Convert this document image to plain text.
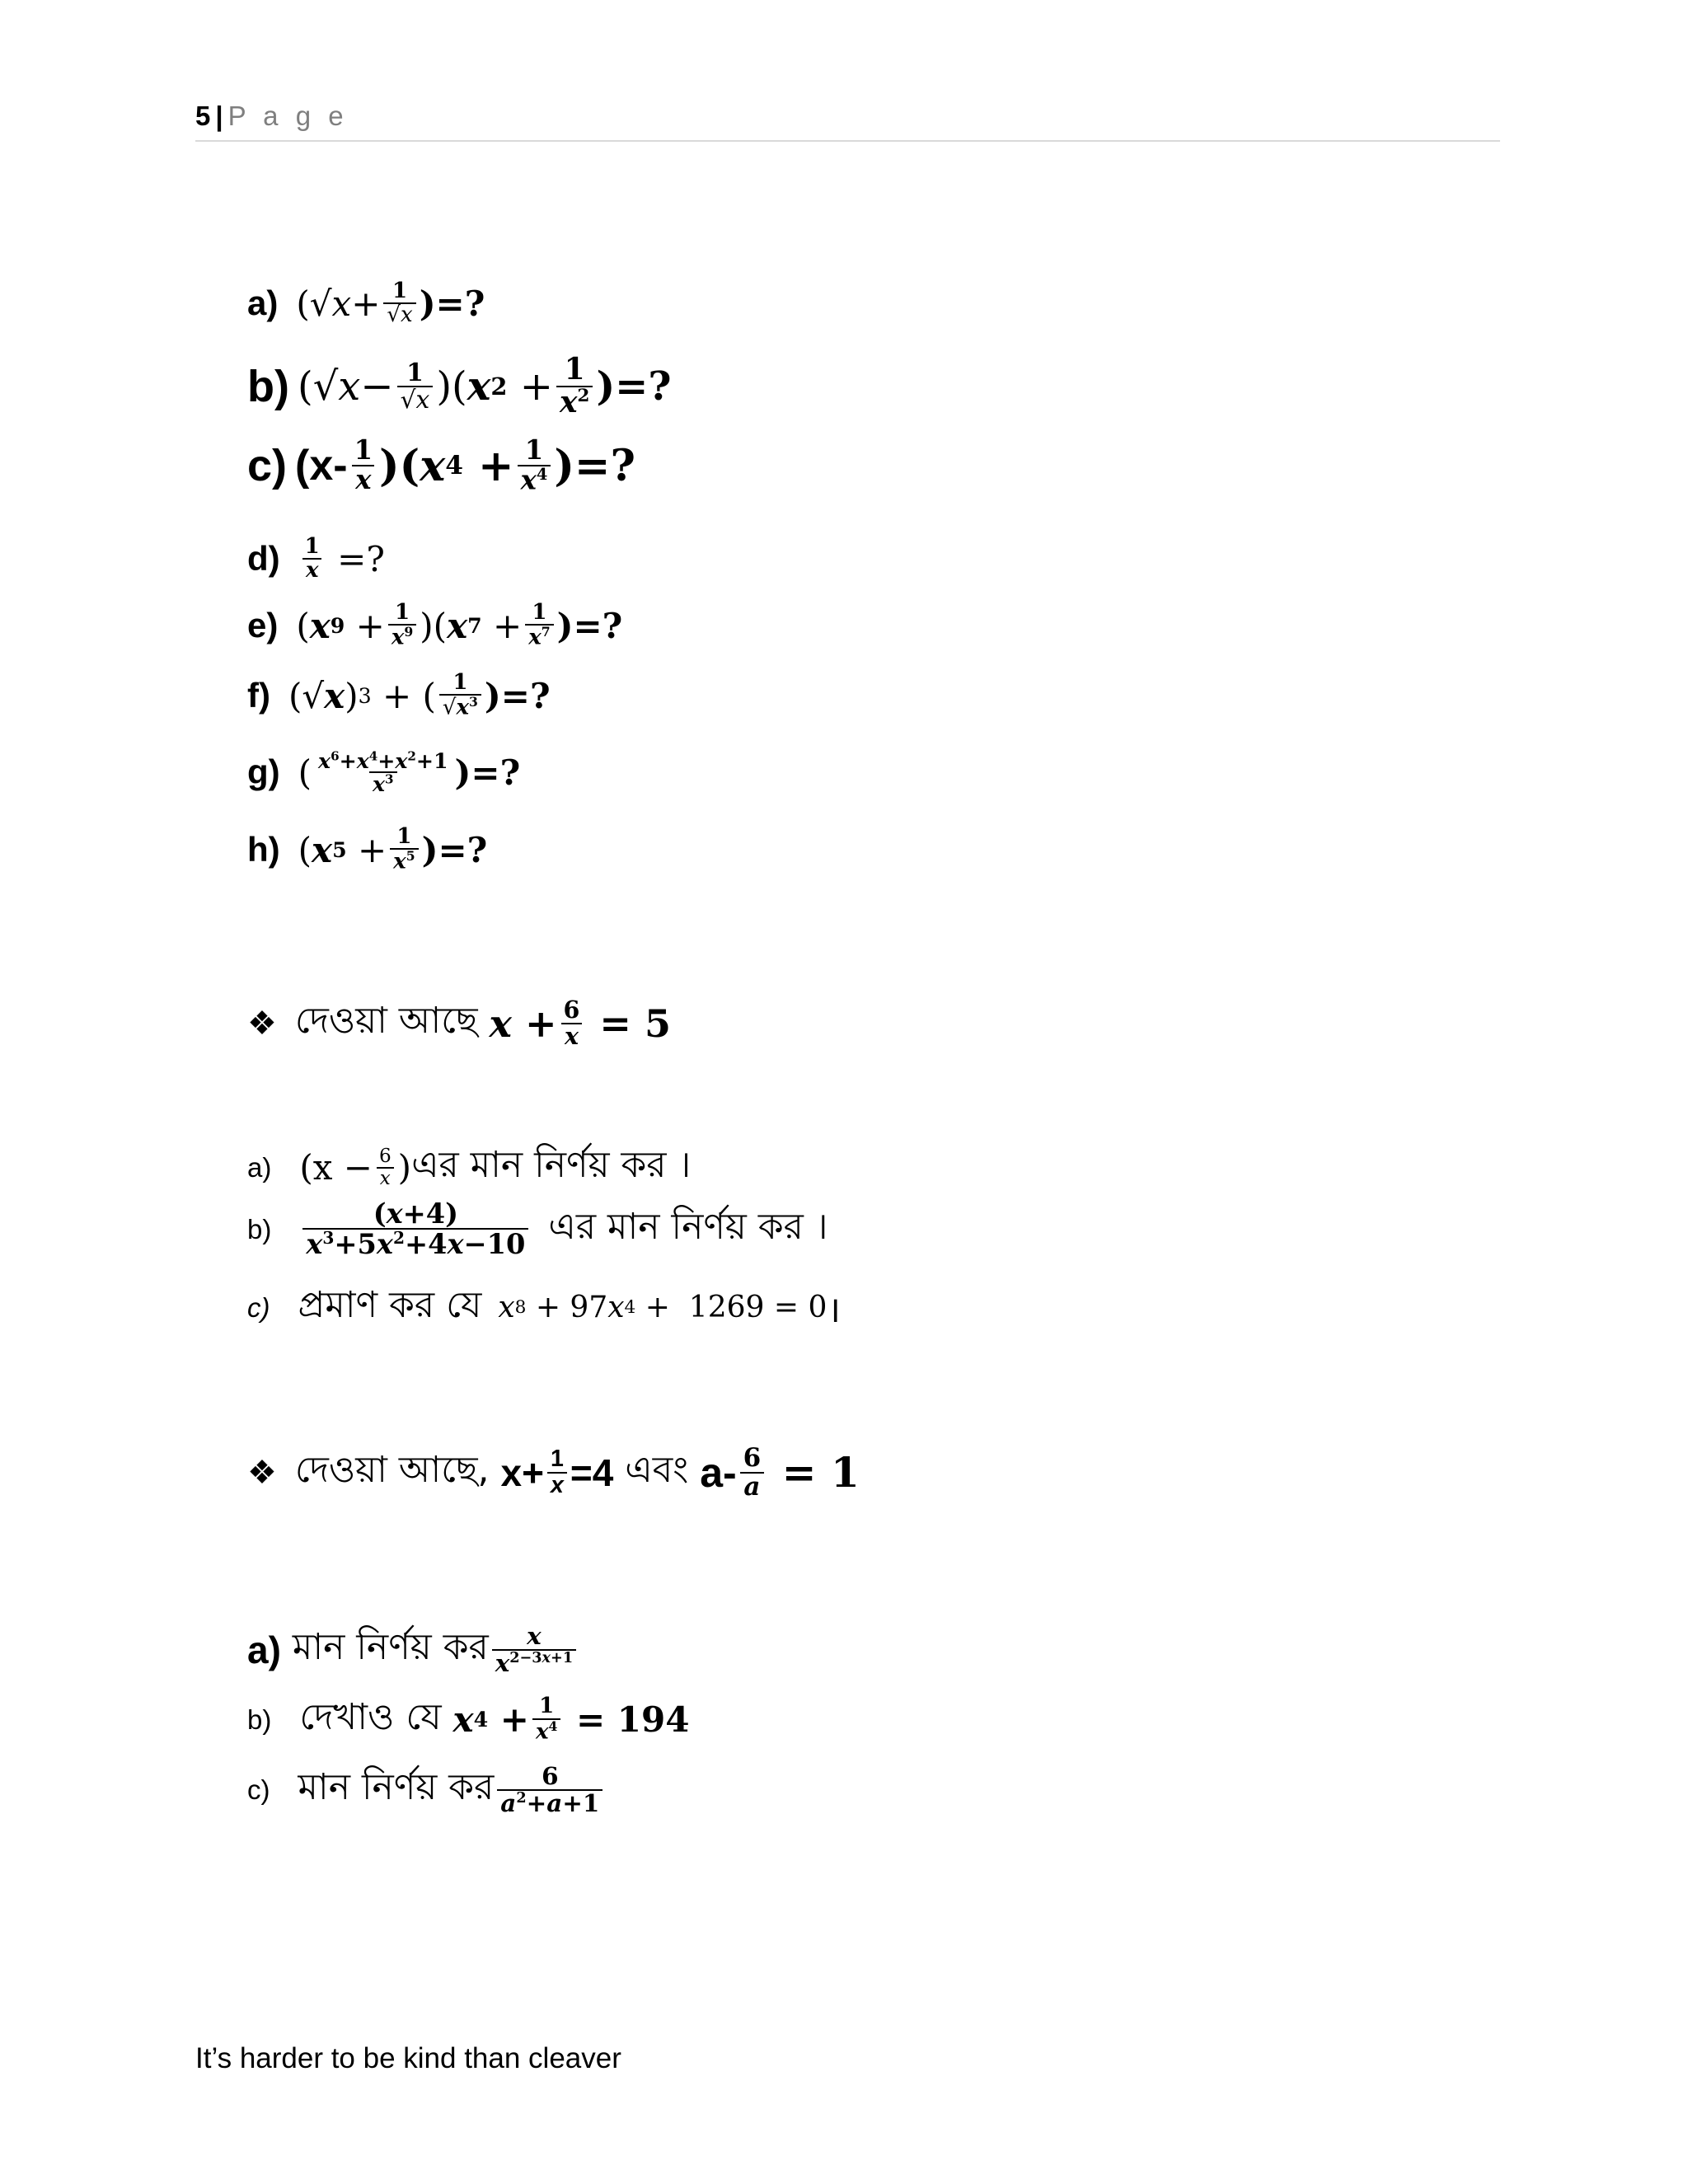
5 | P a g e
a) (√ $x + \frac{1}{√x}$ )=?
b) (√ $x - \frac{1}{√x}$ )( x $2 + \frac{1}{x^2}$ )=?
c) ($x- \frac{1}{x}$ )( x $4 + \frac{1}{x^4}$ )=?
$d) \frac{1}{x}$
=?
e) ( x $9 + \frac{1}{x^9}$ )( x $7 + \frac{1}{x^7}$ )=?
f) (√ x ) 3 + ( $\frac{1}{√x^3}$ )=?
g) ( $\frac{x^6+x^4+x^2+1}{x^3}$ )=?
h) ( x $5 + \frac{1}{x^5}$ )=?
❖ দেওয়া আছে $x + \frac{6}{x} = 5$
a) ($x - \frac{6}{x}$ ) এর মান নির্ণয় কর ।
$b) \frac{(x+4)}{x^3+5x^2+4x-10}$ এর মান নির্ণয় কর ।
c) প্রমাণ কর যে x 8 + 97 x 4 +  1269 = 0 ।
❖ দেওয়া আছে, $x+ \frac{1}{x} =4$ এবং $a- \frac{6}{a} = 1$
a) মান নির্ণয় কর $\frac{x}{x^{2-3x+1}}$
b) দেখাও যে x $4 + \frac{1}{x^4} = 194$
c) মান নির্ণয় কর $\frac{6}{a^2+a+1}$
It’s harder to be kind than cleaver
